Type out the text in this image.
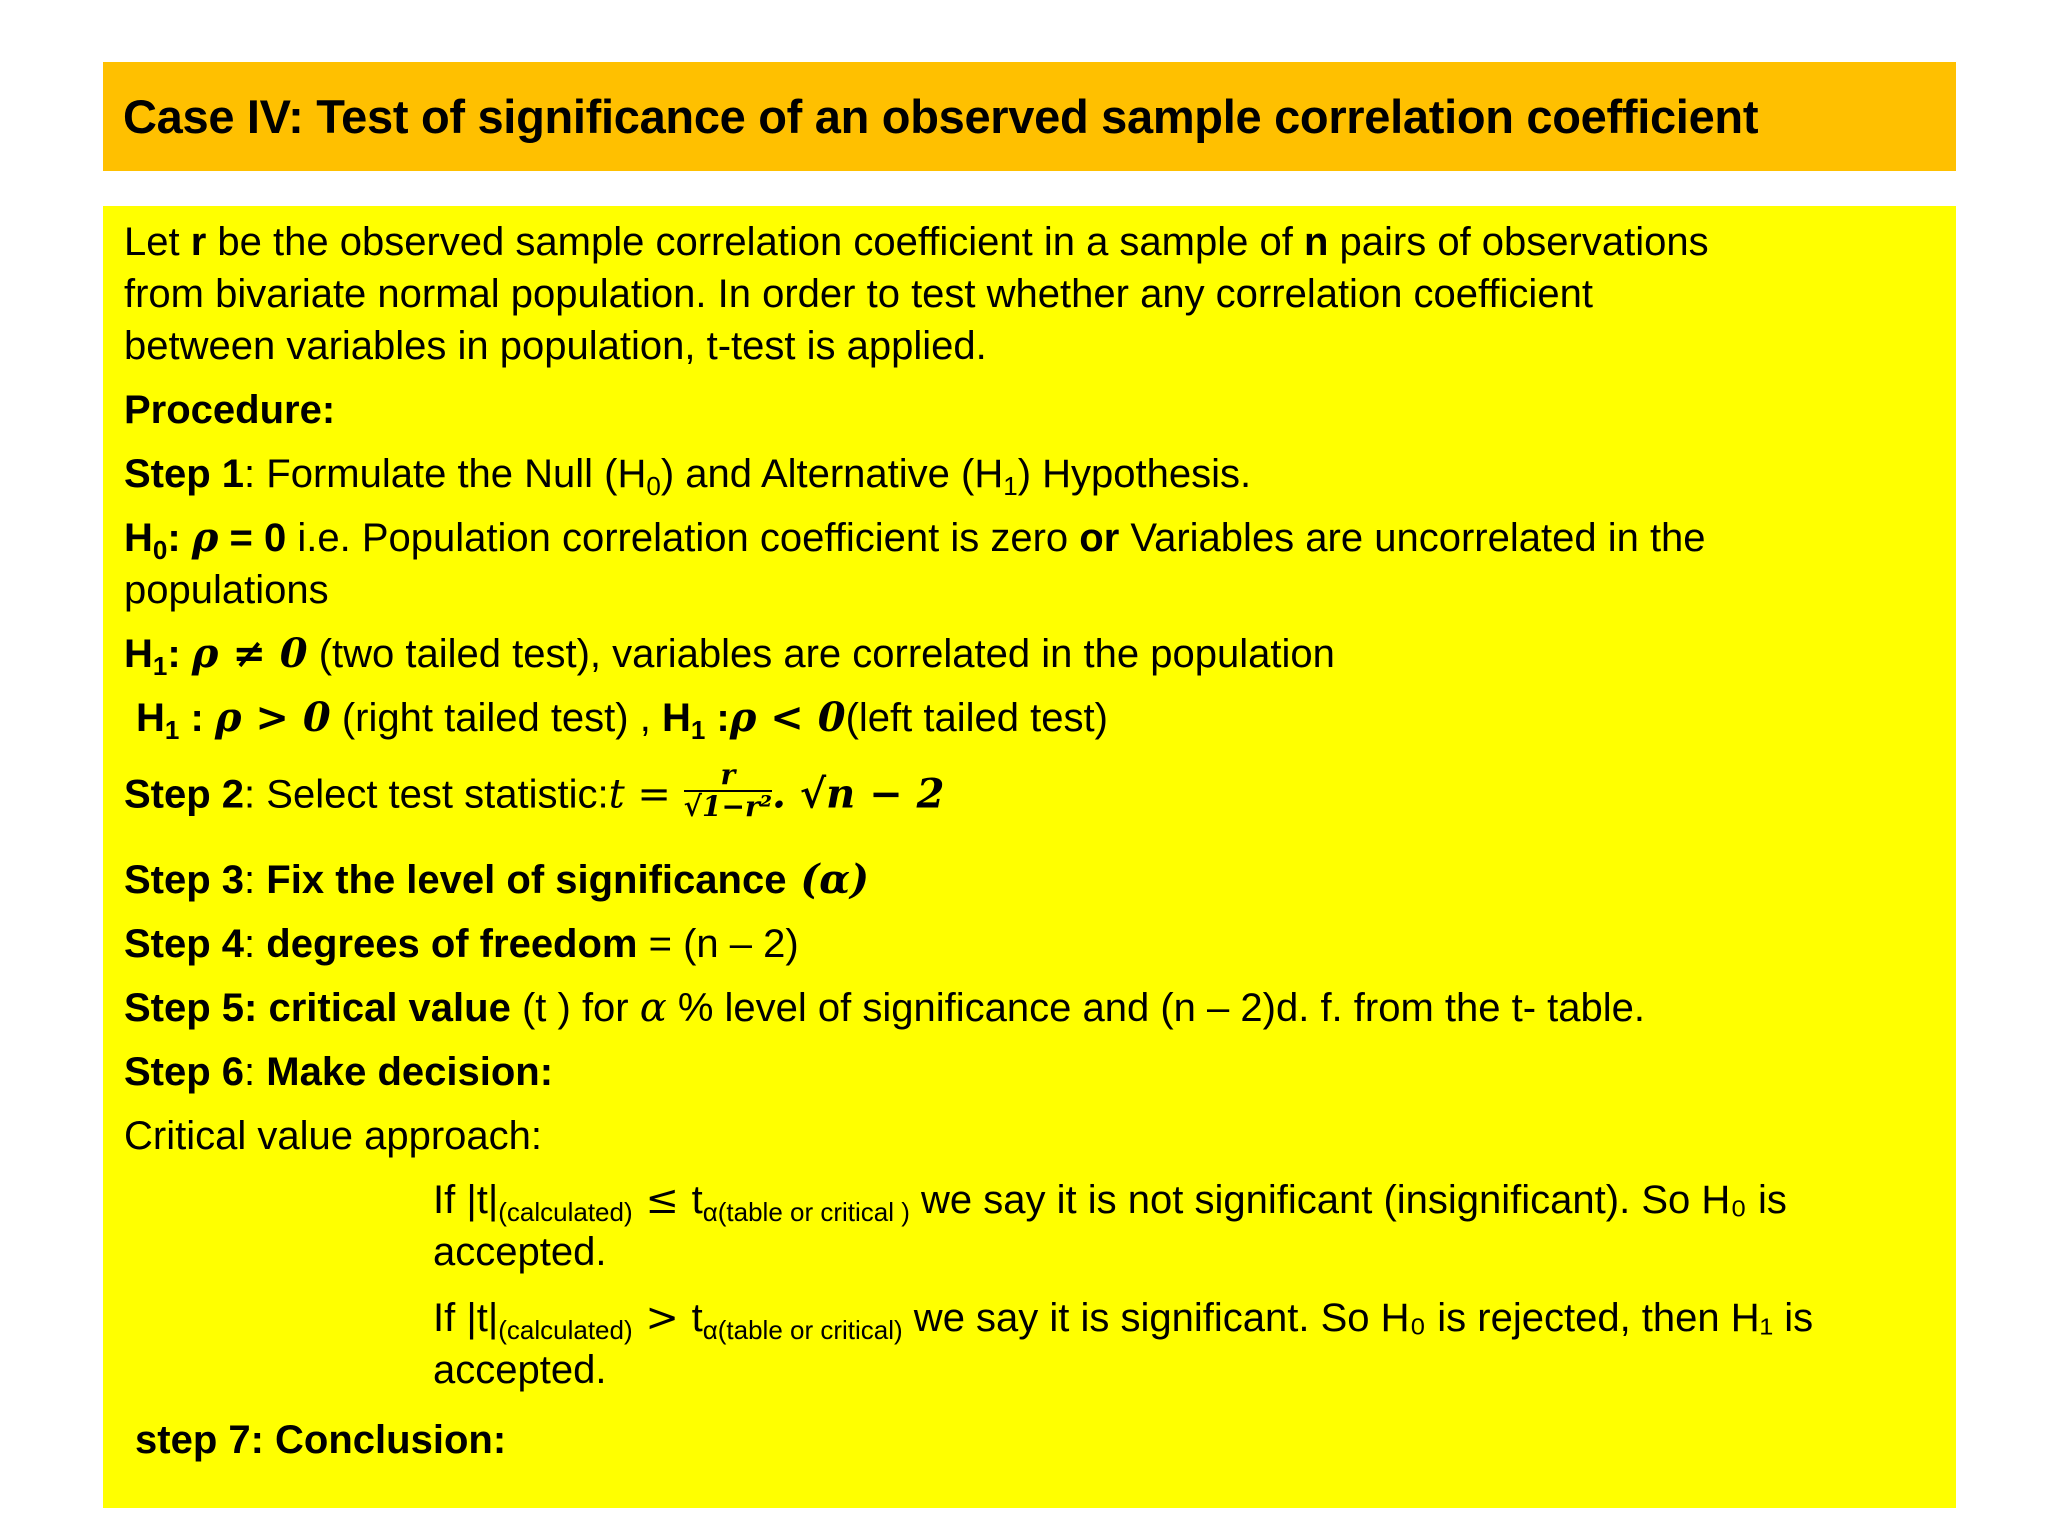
Case IV: Test of significance of an observed sample correlation coefficient
Let r be the observed sample correlation coefficient in a sample of n pairs of observations
from bivariate normal population. In order to test whether any correlation coefficient
between variables in population, t-test is applied.
Procedure:
Step 1: Formulate the Null $(H_0)$ and Alternative $(H_1)$ Hypothesis.
$H_0$: ρ = 0 i.e. Population correlation coefficient is zero or Variables are uncorrelated in the
populations
$H_1$: ρ ≠ 0 (two tailed test), variables are correlated in the population
$H_1$ : ρ > 0 (right tailed test) , $H_1$ :ρ < 0(left tailed test)
Step 2: Select test statistic:t = $\frac{r}{\text{√1−r²}}$ . √n − 2
Step 3: Fix the level of significance (α)
Step 4: degrees of freedom = (n – 2)
Step 5: critical value (t ) for α % level of significance and (n – 2)d. f. from the t- table.
Step 6: Make decision:
Critical value approach:
If $|t|_{(calculated)} \le t_{\alpha(table or critical )}$ we say it is not significant (insignificant). So H₀ is
accepted.
If $|t|_{(calculated)} > t_{\alpha(table or critical)}$ we say it is significant. So H₀ is rejected, then H₁ is
accepted.
step 7: Conclusion:
